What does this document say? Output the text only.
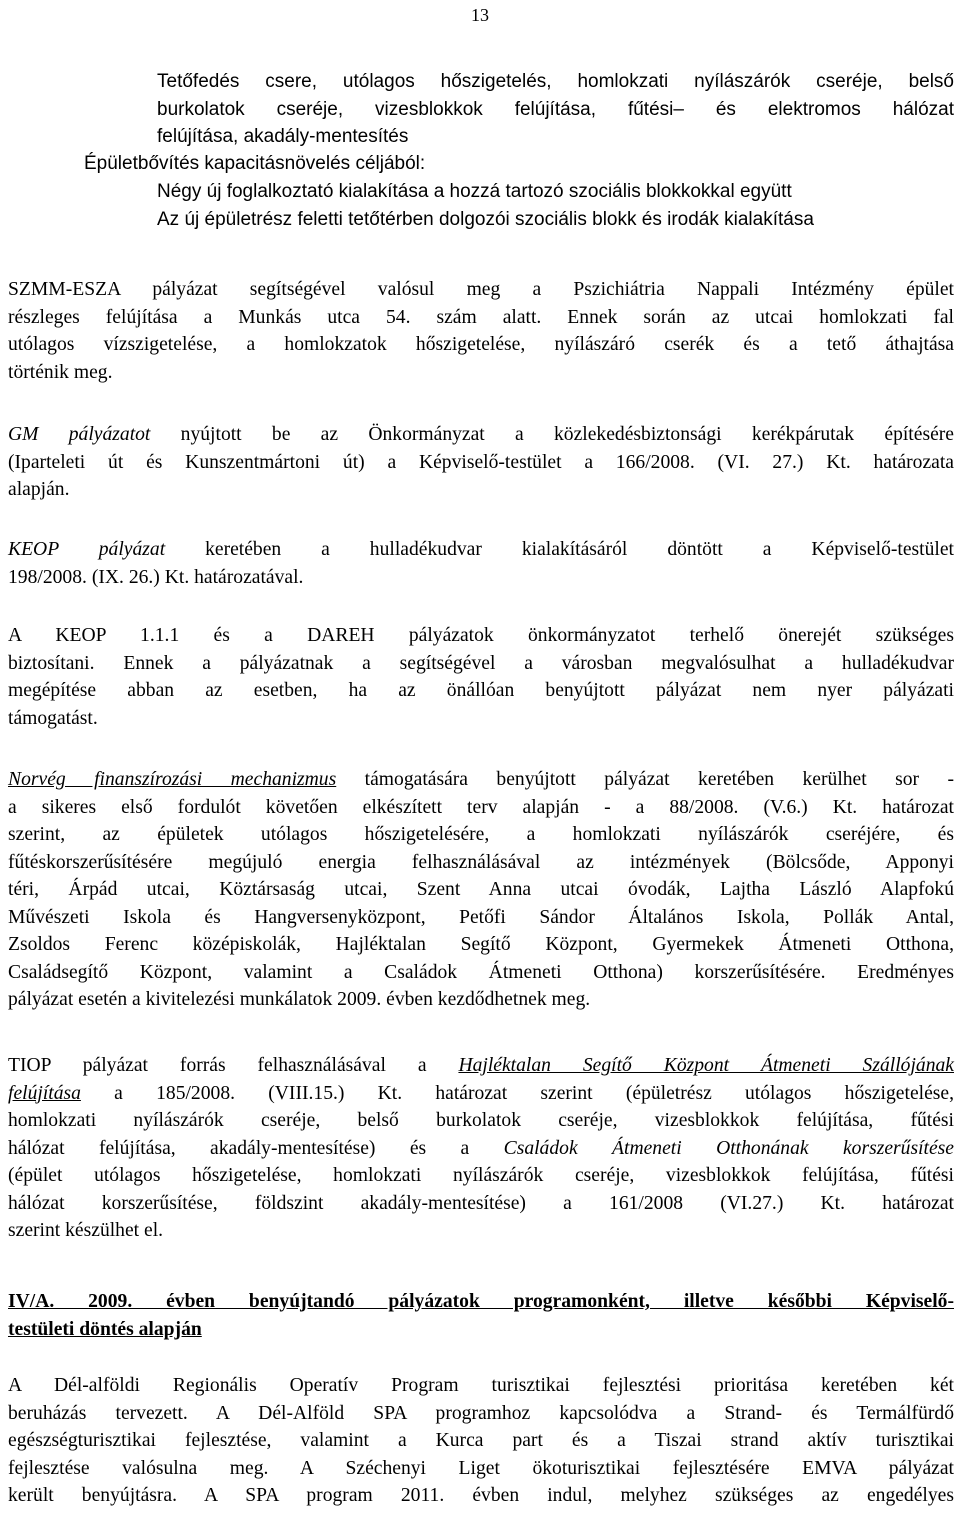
13
Tetőfedés csere, utólagos hőszigetelés, homlokzati nyílászárók cseréje, belső
burkolatok cseréje, vizesblokkok felújítása, fűtési– és elektromos hálózat
felújítása, akadály-mentesítés
Épületbővítés kapacitásnövelés céljából:
Négy új foglalkoztató kialakítása a hozzá tartozó szociális blokkokkal együtt
Az új épületrész feletti tetőtérben dolgozói szociális blokk és irodák kialakítása
SZMM-ESZA pályázat segítségével valósul meg a Pszichiátria Nappali Intézmény épület
részleges felújítása a Munkás utca 54. szám alatt. Ennek során az utcai homlokzati fal
utólagos vízszigetelése, a homlokzatok hőszigetelése, nyílászáró cserék és a tető áthajtása
történik meg.
GM pályázatot nyújtott be az Önkormányzat a közlekedésbiztonsági kerékpárutak építésére
(Iparteleti út és Kunszentmártoni út) a Képviselő-testület a 166/2008. (VI. 27.) Kt. határozata
alapján.
KEOP pályázat keretében a hulladékudvar kialakításáról döntött a Képviselő-testület
198/2008. (IX. 26.) Kt. határozatával.
A KEOP 1.1.1 és a DAREH pályázatok önkormányzatot terhelő önerejét szükséges
biztosítani. Ennek a pályázatnak a segítségével a városban megvalósulhat a hulladékudvar
megépítése abban az esetben, ha az önállóan benyújtott pályázat nem nyer pályázati
támogatást.
Norvég finanszírozási mechanizmus támogatására benyújtott pályázat keretében kerülhet sor -
a sikeres első fordulót követően elkészített terv alapján - a 88/2008. (V.6.) Kt. határozat
szerint, az épületek utólagos hőszigetelésére, a homlokzati nyílászárók cseréjére, és
fűtéskorszerűsítésére megújuló energia felhasználásával az intézmények (Bölcsőde, Apponyi
téri, Árpád utcai, Köztársaság utcai, Szent Anna utcai óvodák, Lajtha László Alapfokú
Művészeti Iskola és Hangversenyközpont, Petőfi Sándor Általános Iskola, Pollák Antal,
Zsoldos Ferenc középiskolák, Hajléktalan Segítő Központ, Gyermekek Átmeneti Otthona,
Családsegítő Központ, valamint a Családok Átmeneti Otthona) korszerűsítésére. Eredményes
pályázat esetén a kivitelezési munkálatok 2009. évben kezdődhetnek meg.
TIOP pályázat forrás felhasználásával a Hajléktalan Segítő Központ Átmeneti Szállójának
felújítása a 185/2008. (VIII.15.) Kt. határozat szerint (épületrész utólagos hőszigetelése,
homlokzati nyílászárók cseréje, belső burkolatok cseréje, vizesblokkok felújítása, fűtési
hálózat felújítása, akadály-mentesítése) és a Családok Átmeneti Otthonának korszerűsítése
(épület utólagos hőszigetelése, homlokzati nyílászárók cseréje, vizesblokkok felújítása, fűtési
hálózat korszerűsítése, földszint akadály-mentesítése) a 161/2008 (VI.27.) Kt. határozat
szerint készülhet el.
IV/A. 2009. évben benyújtandó pályázatok programonként, illetve későbbi Képviselő-
testületi döntés alapján
A Dél-alföldi Regionális Operatív Program turisztikai fejlesztési prioritása keretében két
beruházás tervezett. A Dél-Alföld SPA programhoz kapcsolódva a Strand- és Termálfürdő
egészségturisztikai fejlesztése, valamint a Kurca part és a Tiszai strand aktív turisztikai
fejlesztése valósulna meg. A Széchenyi Liget ökoturisztikai fejlesztésére EMVA pályázat
került benyújtásra. A SPA program 2011. évben indul, melyhez szükséges az engedélyes
